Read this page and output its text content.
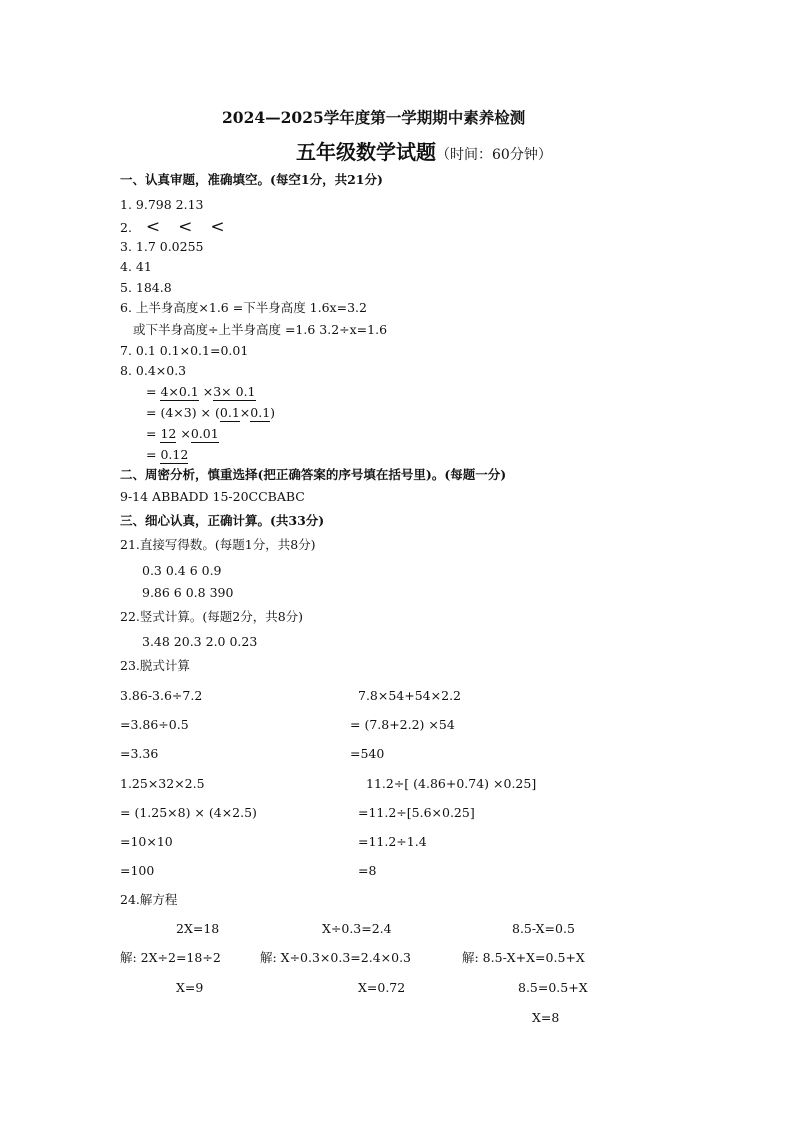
2024—2025学年度第一学期期中素养检测
五年级数学试题（时间：60分钟）
一、认真审题，准确填空。(每空1分，共21分)
1. 9.798 2.13
2. < < <
3. 1.7 0.0255
4. 41
5. 184.8
6. 上半身高度×1.6 =下半身高度 1.6x=3.2
或下半身高度÷上半身高度 =1.6 3.2÷x=1.6
7. 0.1 0.1×0.1=0.01
8. 0.4×0.3
= 4×0.1 ×3× 0.1
= (4×3) × (0.1×0.1)
= 12 ×0.01
= 0.12
二、周密分析，慎重选择(把正确答案的序号填在括号里)。(每题一分)
9-14 ABBADD 15-20CCBABC
三、细心认真，正确计算。(共33分)
21.直接写得数。(每题1分，共8分)
0.3 0.4 6 0.9
9.86 6 0.8 390
22.竖式计算。(每题2分，共8分)
3.48 20.3 2.0 0.23
23.脱式计算
3.86-3.6÷7.2
=3.86÷0.5
=3.36
1.25×32×2.5
= (1.25×8) × (4×2.5)
=10×10
=100
7.8×54+54×2.2
= (7.8+2.2) ×54
=540
11.2÷[ (4.86+0.74) ×0.25]
=11.2÷[5.6×0.25]
=11.2÷1.4
=8
24.解方程
2X=18
解: 2X÷2=18÷2
X=9
X÷0.3=2.4
解: X÷0.3×0.3=2.4×0.3
X=0.72
8.5-X=0.5
解: 8.5-X+X=0.5+X
8.5=0.5+X
X=8
